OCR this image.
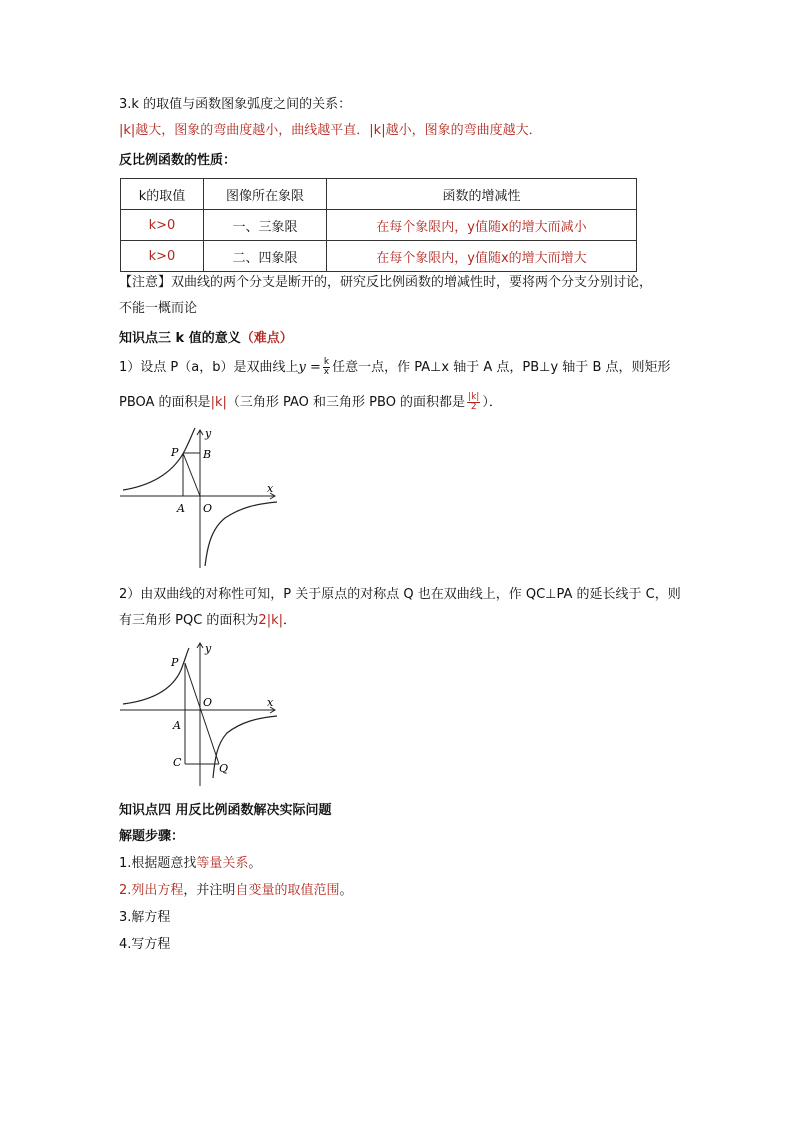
3.k 的取值与函数图象弧度之间的关系：
|k|越大，图象的弯曲度越小，曲线越平直．|k|越小，图象的弯曲度越大．
反比例函数的性质：
k的取值	图像所在象限	函数的增减性
k>0	一、三象限	在每个象限内，y值随x的增大而减小
k>0	二、四象限	在每个象限内，y值随x的增大而增大
【注意】双曲线的两个分支是断开的，研究反比例函数的增减性时，要将两个分支分别讨论，
不能一概而论
知识点三 k 值的意义（难点）
1）设点 P（a，b）是双曲线上$y = \frac{k}{x}$ 任意一点，作 PA⊥x 轴于 A 点，PB⊥y 轴于 B 点，则矩形
PBOA 的面积是|k|（三角形 PAO 和三角形 PBO 的面积都是 $\frac{|k|}{2}$ ）．
x
y
P B
A O
2）由双曲线的对称性可知，P 关于原点的对称点 Q 也在双曲线上，作 QC⊥PA 的延长线于 C，则
有三角形 PQC 的面积为2|k|．
x
y
P
O
A
C	Q
知识点四 用反比例函数解决实际问题
解题步骤：
1.根据题意找等量关系。
2.列出方程，并注明自变量的取值范围。
3.解方程
4.写方程
